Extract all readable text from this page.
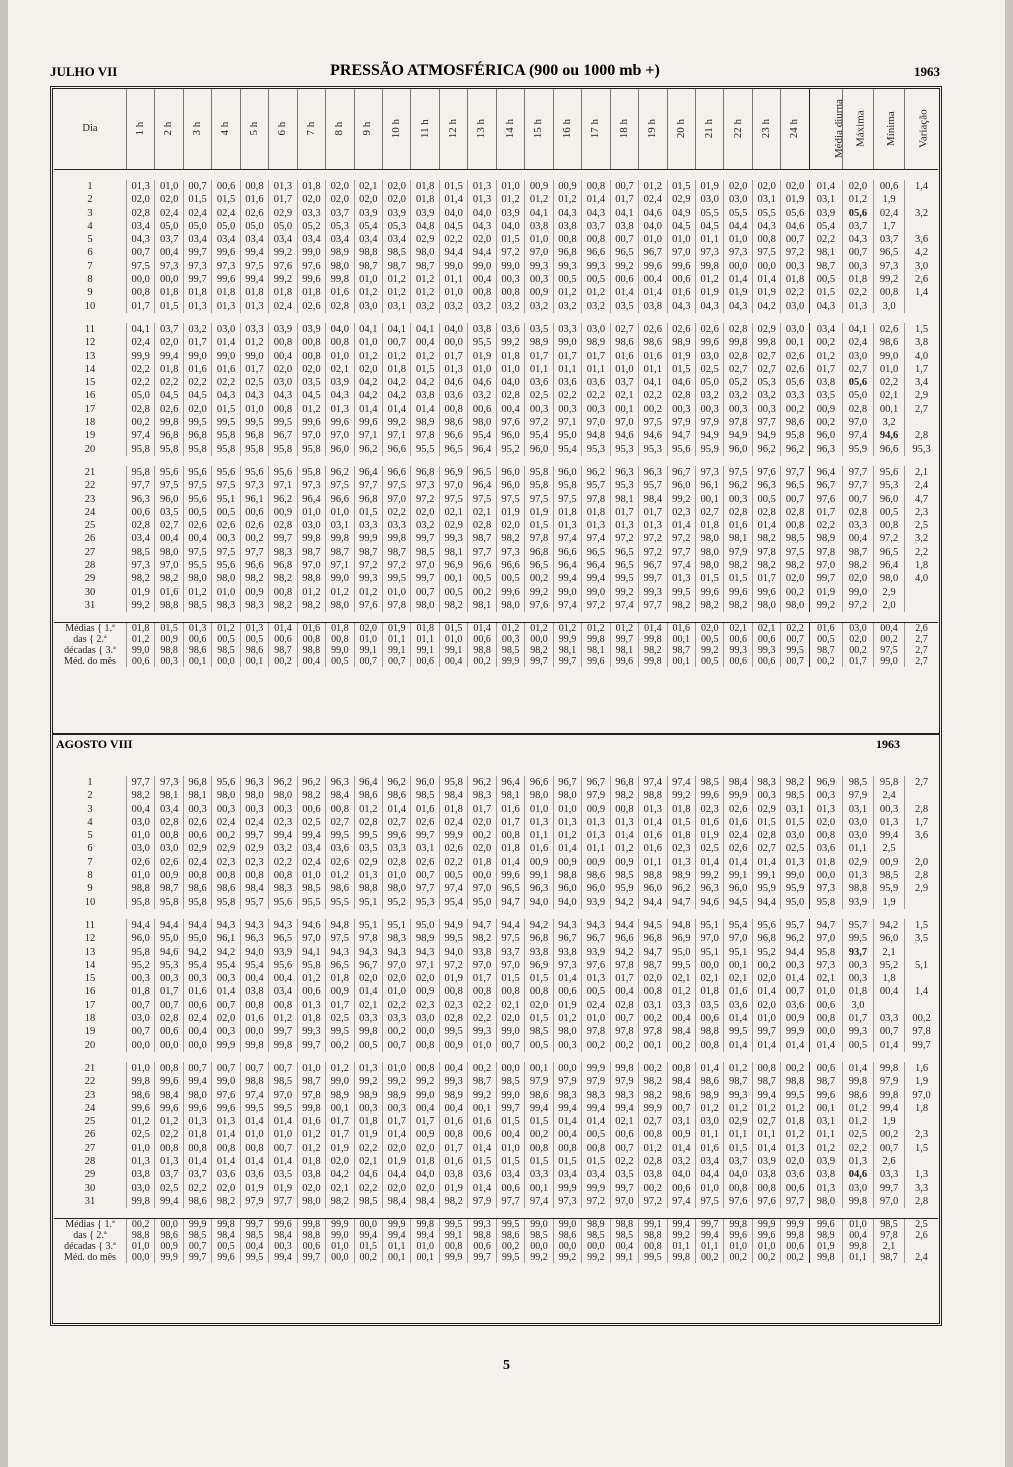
JULHO VII	PRESSÃO ATMOSFÉRICA (900 ou 1000 mb +)	1963
Dia	1 h	2 h	3 h	4 h	5 h	6 h	7 h	8 h	9 h	10 h	11 h	12 h	13 h	14 h	15 h	16 h	17 h	18 h	19 h	20 h	21 h	22 h	23 h	24 h	Média diurna	Máxima	Mínima	Variação

1	01,3	01,0	00,7	00,6	00,8	01,3	01,8	02,0	02,1	02,0	01,8	01,5	01,3	01,0	00,9	00,9	00,8	00,7	01,2	01,5	01,9	02,0	02,0	02,0	01,4	02,0	00,6	1,4
2	02,0	02,0	01,5	01,5	01,6	01,7	02,0	02,0	02,0	02,0	01,8	01,4	01,3	01,2	01,2	01,2	01,4	01,7	02,4	02,9	03,0	03,0	03,1	01,9	03,1	01,2	1,9	
3	02,8	02,4	02,4	02,4	02,6	02,9	03,3	03,7	03,9	03,9	03,9	04,0	04,0	03,9	04,1	04,3	04,3	04,1	04,6	04,9	05,5	05,5	05,5	05,6	03,9	05,6	02,4	3,2
4	03,4	05,0	05,0	05,0	05,0	05,0	05,2	05,3	05,4	05,3	04,8	04,5	04,3	04,0	03,8	03,8	03,7	03,8	04,0	04,5	04,5	04,4	04,3	04,6	05,4	03,7	1,7	
5	04,3	03,7	03,4	03,4	03,4	03,4	03,4	03,4	03,4	03,4	02,9	02,2	02,0	01,5	01,0	00,8	00,8	00,7	01,0	01,0	01,1	01,0	00,8	00,7	02,2	04,3	03,7	3,6
6	00,7	00,4	99,7	99,6	99,4	99,2	99,0	98,9	98,8	98,5	98,0	94,4	94,4	97,2	97,0	96,8	96,6	96,5	96,7	97,0	97,3	97,3	97,5	97,2	98,1	00,7	96,5	4,2
7	97,5	97,3	97,3	97,3	97,5	97,6	97,6	98,0	98,7	98,7	98,7	99,0	99,0	99,0	99,3	99,3	99,3	99,2	99,6	99,6	99,8	00,0	00,0	00,3	98,7	00,3	97,3	3,0
8	00,0	00,0	99,7	99,6	99,4	99,2	99,6	99,8	01,0	01,2	01,2	01,1	00,4	00,3	00,3	00,5	00,5	00,6	00,4	00,6	01,2	01,4	01,4	01,8	00,5	01,8	99,2	2,6
9	00,8	01,8	01,8	01,8	01,8	01,8	01,8	01,6	01,2	01,2	01,2	01,0	00,8	00,8	00,9	01,2	01,2	01,4	01,4	01,6	01,9	01,9	01,9	02,2	01,5	02,2	00,8	1,4
10	01,7	01,5	01,3	01,3	01,3	02,4	02,6	02,8	03,0	03,1	03,2	03,2	03,2	03,2	03,2	03,2	03,2	03,5	03,8	04,3	04,3	04,3	04,2	03,0	04,3	01,3	3,0	

11	04,1	03,7	03,2	03,0	03,3	03,9	03,9	04,0	04,1	04,1	04,1	04,0	03,8	03,6	03,5	03,3	03,0	02,7	02,6	02,6	02,6	02,8	02,9	03,0	03,4	04,1	02,6	1,5
12	02,4	02,0	01,7	01,4	01,2	00,8	00,8	00,8	01,0	00,7	00,4	00,0	95,5	99,2	98,9	99,0	98,9	98,6	98,6	98,9	99,6	99,8	99,8	00,1	00,2	02,4	98,6	3,8
13	99,9	99,4	99,0	99,0	99,0	00,4	00,8	01,0	01,2	01,2	01,2	01,7	01,9	01,8	01,7	01,7	01,7	01,6	01,6	01,9	03,0	02,8	02,7	02,6	01,2	03,0	99,0	4,0
14	02,2	01,8	01,6	01,6	01,7	02,0	02,0	02,1	02,0	01,8	01,5	01,3	01,0	01,0	01,1	01,1	01,1	01,0	01,1	01,5	02,5	02,7	02,7	02,6	01,7	02,7	01,0	1,7
15	02,2	02,2	02,2	02,2	02,5	03,0	03,5	03,9	04,2	04,2	04,2	04,6	04,6	04,0	03,6	03,6	03,6	03,7	04,1	04,6	05,0	05,2	05,3	05,6	03,8	05,6	02,2	3,4
16	05,0	04,5	04,5	04,3	04,3	04,3	04,5	04,3	04,2	04,2	03,8	03,6	03,2	02,8	02,5	02,2	02,2	02,1	02,2	02,8	03,2	03,2	03,2	03,3	03,5	05,0	02,1	2,9
17	02,8	02,6	02,0	01,5	01,0	00,8	01,2	01,3	01,4	01,4	01,4	00,8	00,6	00,4	00,3	00,3	00,3	00,1	00,2	00,3	00,3	00,3	00,3	00,2	00,9	02,8	00,1	2,7
18	00,2	99,8	99,5	99,5	99,5	99,5	99,6	99,6	99,6	99,2	98,9	98,6	98,0	97,6	97,2	97,1	97,0	97,0	97,5	97,9	97,9	97,8	97,7	98,6	00,2	97,0	3,2	
19	97,4	96,8	96,8	95,8	96,8	96,7	97,0	97,0	97,1	97,1	97,8	96,6	95,4	96,0	95,4	95,0	94,8	94,6	94,6	94,7	94,9	94,9	94,9	95,8	96,0	97,4	94,6	2,8
20	95,8	95,8	95,8	95,8	95,8	95,8	95,8	96,0	96,2	96,6	95,5	96,5	96,4	95,2	96,0	95,4	95,3	95,3	95,3	95,6	95,9	96,0	96,2	96,2	96,3	95,9	96,6	95,3

21	95,8	95,6	95,6	95,6	95,6	95,6	95,8	96,2	96,4	96,6	96,8	96,9	96,5	96,0	95,8	96,0	96,2	96,3	96,3	96,7	97,3	97,5	97,6	97,7	96,4	97,7	95,6	2,1
22	97,7	97,5	97,5	97,5	97,3	97,1	97,3	97,5	97,7	97,5	97,3	97,0	96,4	96,0	95,8	95,8	95,7	95,3	95,7	96,0	96,1	96,2	96,3	96,5	96,7	97,7	95,3	2,4
23	96,3	96,0	95,6	95,1	96,1	96,2	96,4	96,6	96,8	97,0	97,2	97,5	97,5	97,5	97,5	97,5	97,8	98,1	98,4	99,2	00,1	00,3	00,5	00,7	97,6	00,7	96,0	4,7
24	00,6	03,5	00,5	00,5	00,6	00,9	01,0	01,0	01,5	02,2	02,0	02,1	02,1	01,9	01,9	01,8	01,8	01,7	01,7	02,3	02,7	02,8	02,8	02,8	01,7	02,8	00,5	2,3
25	02,8	02,7	02,6	02,6	02,6	02,8	03,0	03,1	03,3	03,3	03,2	02,9	02,8	02,0	01,5	01,3	01,3	01,3	01,3	01,4	01,8	01,6	01,4	00,8	02,2	03,3	00,8	2,5
26	03,4	00,4	00,4	00,3	00,2	99,7	99,8	99,8	99,9	99,8	99,7	99,3	98,7	98,2	97,8	97,4	97,4	97,2	97,2	97,2	98,0	98,1	98,2	98,5	98,9	00,4	97,2	3,2
27	98,5	98,0	97,5	97,5	97,7	98,3	98,7	98,7	98,7	98,7	98,5	98,1	97,7	97,3	96,8	96,6	96,5	96,5	97,2	97,7	98,0	97,9	97,8	97,5	97,8	98,7	96,5	2,2
28	97,3	97,0	95,5	95,6	96,6	96,8	97,0	97,1	97,2	97,2	97,0	96,9	96,6	96,6	96,5	96,4	96,4	96,5	96,7	97,4	98,0	98,2	98,2	98,2	97,0	98,2	96,4	1,8
29	98,2	98,2	98,0	98,0	98,2	98,2	98,8	99,0	99,3	99,5	99,7	00,1	00,5	00,5	00,2	99,4	99,4	99,5	99,7	01,3	01,5	01,5	01,7	02,0	99,7	02,0	98,0	4,0
30	01,9	01,6	01,2	01,0	00,9	00,8	01,2	01,2	01,2	01,0	00,7	00,5	00,2	99,6	99,2	99,0	99,0	99,2	99,3	99,5	99,6	99,6	99,6	00,2	01,9	99,0	2,9	
31	99,2	98,8	98,5	98,3	98,3	98,2	98,2	98,0	97,6	97,8	98,0	98,2	98,1	98,0	97,6	97,4	97,2	97,4	97,7	98,2	98,2	98,2	98,0	98,0	99,2	97,2	2,0	

Médias { 1.ª	01,8	01,5	01,3	01,2	01,3	01,4	01,6	01,8	02,0	01,9	01,8	01,5	01,4	01,2	01,2	01,2	01,2	01,2	01,4	01,6	02,0	02,1	02,1	02,2	01,6	03,0	00,4	2,6
das { 2.ª	01,2	00,9	00,6	00,5	00,5	00,6	00,8	00,8	01,0	01,1	01,1	01,0	00,6	00,3	00,0	99,9	99,8	99,7	99,8	00,1	00,5	00,6	00,6	00,7	00,5	02,0	00,2	2,7
décadas { 3.ª	99,0	98,8	98,6	98,5	98,6	98,7	98,8	99,0	99,1	99,1	99,1	99,1	98,8	98,5	98,2	98,1	98,1	98,1	98,2	98,7	99,2	99,3	99,3	99,5	98,7	00,2	97,5	2,7
Méd. do mês	00,6	00,3	00,1	00,0	00,1	00,2	00,4	00,5	00,7	00,7	00,6	00,4	00,2	99,9	99,7	99,7	99,6	99,6	99,8	00,1	00,5	00,6	00,6	00,7	00,2	01,7	99,0	2,7
AGOSTO VIII	1963

1	97,7	97,3	96,8	95,6	96,3	96,2	96,2	96,3	96,4	96,2	96,0	95,8	96,2	96,4	96,6	96,7	96,7	96,8	97,4	97,4	98,5	98,4	98,3	98,2	96,9	98,5	95,8	2,7
2	98,2	98,1	98,1	98,0	98,0	98,0	98,2	98,4	98,6	98,6	98,5	98,4	98,3	98,1	98,0	98,0	97,9	98,2	98,8	99,2	99,6	99,9	00,3	98,5	00,3	97,9	2,4	
3	00,4	03,4	00,3	00,3	00,3	00,3	00,6	00,8	01,2	01,4	01,6	01,8	01,7	01,6	01,0	01,0	00,9	00,8	01,3	01,8	02,3	02,6	02,9	03,1	01,3	03,1	00,3	2,8
4	03,0	02,8	02,6	02,4	02,4	02,3	02,5	02,7	02,8	02,7	02,6	02,4	02,0	01,7	01,3	01,3	01,3	01,3	01,4	01,5	01,6	01,6	01,5	01,5	02,0	03,0	01,3	1,7
5	01,0	00,8	00,6	00,2	99,7	99,4	99,4	99,5	99,5	99,6	99,7	99,9	00,2	00,8	01,1	01,2	01,3	01,4	01,6	01,8	01,9	02,4	02,8	03,0	00,8	03,0	99,4	3,6
6	03,0	03,0	02,9	02,9	02,9	03,2	03,4	03,6	03,5	03,3	03,1	02,6	02,0	01,8	01,6	01,4	01,1	01,2	01,6	02,3	02,5	02,6	02,7	02,5	03,6	01,1	2,5	
7	02,6	02,6	02,4	02,3	02,3	02,2	02,4	02,6	02,9	02,8	02,6	02,2	01,8	01,4	00,9	00,9	00,9	00,9	01,1	01,3	01,4	01,4	01,4	01,3	01,8	02,9	00,9	2,0
8	01,0	00,9	00,8	00,8	00,8	00,8	01,0	01,2	01,3	01,0	00,7	00,5	00,0	99,6	99,1	98,8	98,6	98,5	98,8	98,9	99,2	99,1	99,1	99,0	00,0	01,3	98,5	2,8
9	98,8	98,7	98,6	98,6	98,4	98,3	98,5	98,6	98,8	98,0	97,7	97,4	97,0	96,5	96,3	96,0	96,0	95,9	96,0	96,2	96,3	96,0	95,9	95,9	97,3	98,8	95,9	2,9
10	95,8	95,8	95,8	95,8	95,7	95,6	95,5	95,5	95,1	95,2	95,3	95,4	95,0	94,7	94,0	94,0	93,9	94,2	94,4	94,7	94,6	94,5	94,4	95,0	95,8	93,9	1,9	

11	94,4	94,4	94,4	94,3	94,3	94,3	94,6	94,8	95,1	95,1	95,0	94,9	94,7	94,4	94,2	94,3	94,3	94,4	94,5	94,8	95,1	95,4	95,6	95,7	94,7	95,7	94,2	1,5
12	96,0	95,0	95,0	96,1	96,3	96,5	97,0	97,5	97,8	98,3	98,9	99,5	98,2	97,5	96,8	96,7	96,7	96,6	96,8	96,9	97,0	97,0	96,8	96,2	97,0	99,5	96,0	3,5
13	95,8	94,6	94,2	94,2	94,0	93,9	94,1	94,3	94,3	94,3	94,3	94,0	93,8	93,7	93,8	93,8	93,9	94,2	94,7	95,0	95,1	95,1	95,2	94,4	95,8	93,7	2,1	
14	95,2	95,3	95,4	95,4	95,4	95,6	95,8	96,5	96,7	97,0	97,1	97,2	97,0	97,0	96,9	97,3	97,6	97,8	98,7	99,5	00,0	00,1	00,2	00,3	97,3	00,3	95,2	5,1
15	00,3	00,3	00,3	00,3	00,4	00,4	01,2	01,8	02,0	02,0	02,0	01,9	01,7	01,5	01,5	01,4	01,3	01,7	02,0	02,1	02,1	02,1	02,0	01,4	02,1	00,3	1,8	
16	01,8	01,7	01,6	01,4	03,8	03,4	00,6	00,9	01,4	01,0	00,9	00,8	00,8	00,8	00,8	00,6	00,5	00,4	00,8	01,2	01,8	01,6	01,4	00,7	01,0	01,8	00,4	1,4
17	00,7	00,7	00,6	00,7	00,8	00,8	01,3	01,7	02,1	02,2	02,3	02,3	02,2	02,1	02,0	01,9	02,4	02,8	03,1	03,3	03,5	03,6	02,0	03,6	00,6	3,0		
18	03,0	02,8	02,4	02,0	01,6	01,2	01,8	02,5	03,3	03,3	03,0	02,8	02,2	02,0	01,5	01,2	01,0	00,7	00,2	00,4	00,6	01,4	01,0	00,9	00,8	01,7	03,3	00,2
19	00,7	00,6	00,4	00,3	00,0	99,7	99,3	99,5	99,8	00,2	00,0	99,5	99,3	99,0	98,5	98,0	97,8	97,8	97,8	98,4	98,8	99,5	99,7	99,9	00,0	99,3	00,7	97,8
20	00,0	00,0	00,0	99,9	99,8	99,8	99,7	00,2	00,5	00,7	00,8	00,9	01,0	00,7	00,5	00,3	00,2	00,2	00,1	00,2	00,8	01,4	01,4	01,4	01,4	00,5	01,4	99,7

21	01,0	00,8	00,7	00,7	00,7	00,7	01,0	01,2	01,3	01,0	00,8	00,4	00,2	00,0	00,1	00,0	99,9	99,8	00,2	00,8	01,4	01,2	00,8	00,2	00,6	01,4	99,8	1,6
22	99,8	99,6	99,4	99,0	98,8	98,5	98,7	99,0	99,2	99,2	99,2	99,3	98,7	98,5	97,9	97,9	97,9	97,9	98,2	98,4	98,6	98,7	98,7	98,8	98,7	99,8	97,9	1,9
23	98,6	98,4	98,0	97,6	97,4	97,0	97,8	98,9	98,9	98,9	99,0	98,9	99,2	99,0	98,6	98,3	98,3	98,3	98,2	98,6	98,9	99,3	99,4	99,5	99,6	98,6	99,8	97,0
24	99,6	99,6	99,6	99,6	99,5	99,5	99,8	00,1	00,3	00,3	00,4	00,4	00,1	99,7	99,4	99,4	99,4	99,4	99,9	00,7	01,2	01,2	01,2	01,2	00,1	01,2	99,4	1,8
25	01,2	01,2	01,3	01,3	01,4	01,4	01,6	01,7	01,8	01,7	01,7	01,6	01,6	01,5	01,5	01,4	01,4	02,1	02,7	03,1	03,0	02,9	02,7	01,8	03,1	01,2	1,9	
26	02,5	02,2	01,8	01,4	01,0	01,0	01,2	01,7	01,9	01,4	00,9	00,8	00,6	00,4	00,2	00,4	00,5	00,6	00,8	00,9	01,1	01,1	01,1	01,2	01,1	02,5	00,2	2,3
27	01,0	00,8	00,8	00,8	00,8	00,7	01,2	01,9	02,2	02,0	02,0	01,7	01,4	01,0	00,8	00,8	00,8	00,7	01,2	01,4	01,6	01,5	01,4	01,3	01,2	02,2	00,7	1,5
28	01,3	01,3	01,4	01,4	01,4	01,4	01,8	02,0	02,1	01,9	01,8	01,6	01,5	01,5	01,5	01,5	01,5	02,2	02,8	03,2	03,4	03,7	03,9	02,0	03,9	01,3	2,6	
29	03,8	03,7	03,7	03,6	03,6	03,5	03,8	04,2	04,6	04,4	04,0	03,8	03,6	03,4	03,3	03,4	03,4	03,5	03,8	04,0	04,4	04,0	03,8	03,6	03,8	04,6	03,3	1,3
30	03,0	02,5	02,2	02,0	01,9	01,9	02,0	02,1	02,2	02,0	02,0	01,9	01,4	00,6	00,1	99,9	99,9	99,7	00,2	00,6	01,0	00,8	00,8	00,6	01,3	03,0	99,7	3,3
31	99,8	99,4	98,6	98,2	97,9	97,7	98,0	98,2	98,5	98,4	98,4	98,2	97,9	97,7	97,4	97,3	97,2	97,0	97,2	97,4	97,5	97,6	97,6	97,7	98,0	99,8	97,0	2,8

Médias { 1.ª	00,2	00,0	99,9	99,8	99,7	99,6	99,8	99,9	00,0	99,9	99,8	99,5	99,3	99,5	99,0	99,0	98,9	98,8	99,1	99,4	99,7	99,8	99,9	99,9	99,6	01,0	98,5	2,5
das { 2.ª	98,8	98,6	98,5	98,4	98,5	98,4	98,8	99,0	99,4	99,4	99,4	99,1	98,8	98,6	98,5	98,6	98,5	98,5	98,8	99,2	99,4	99,6	99,6	99,8	98,9	00,4	97,8	2,6
décadas { 3.ª	01,0	00,9	00,7	00,5	00,4	00,3	00,6	01,0	01,5	01,1	01,0	00,8	00,6	00,2	00,0	00,0	00,0	00,4	00,8	01,1	01,1	01,0	01,0	00,6	01,9	99,8	2,1	
Méd. do mês	00,0	99,9	99,7	99,6	99,5	99,4	99,7	00,0	00,2	00,1	00,1	99,9	99,7	99,5	99,2	99,2	99,2	99,1	99,5	99,8	00,2	00,2	00,2	00,2	99,8	01,1	98,7	2,4
5
